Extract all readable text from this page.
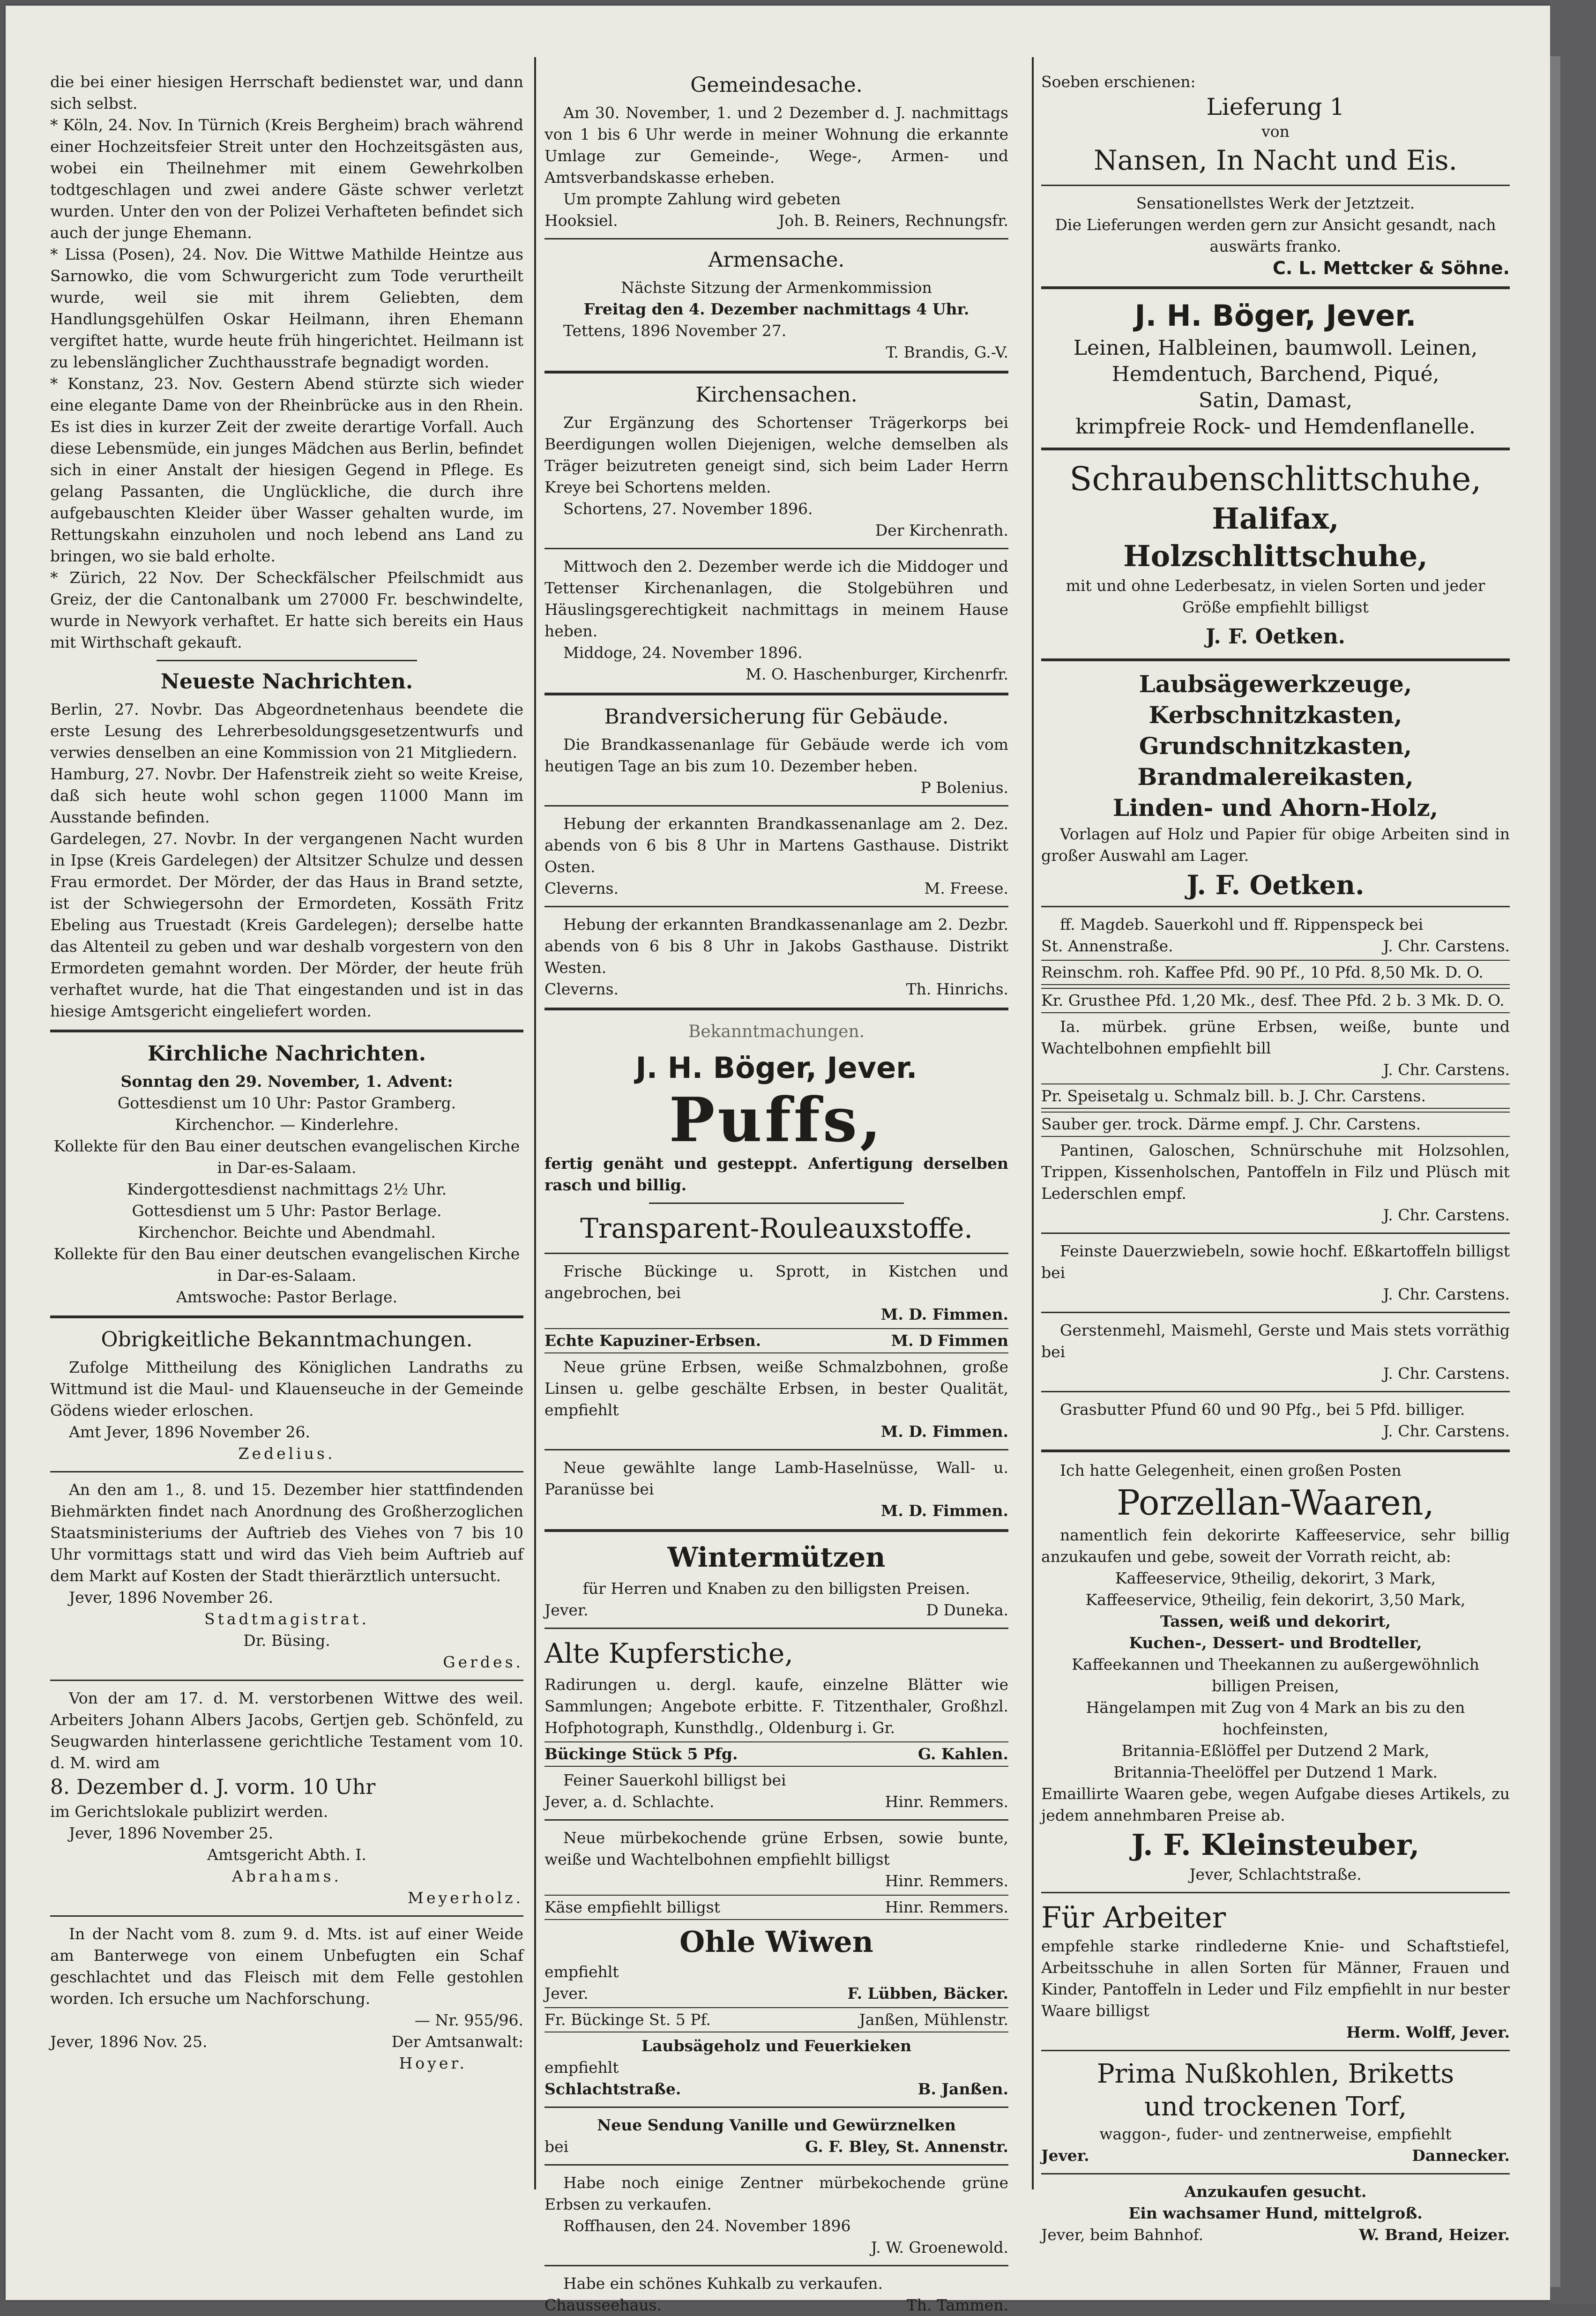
die bei einer hiesigen Herrschaft bedienstet war, und dann sich selbst.

* Köln, 24. Nov. In Türnich (Kreis Bergheim) brach während einer Hochzeitsfeier Streit unter den Hochzeitsgästen aus, wobei ein Theilnehmer mit einem Gewehrkolben todtgeschlagen und zwei andere Gäste schwer verletzt wurden. Unter den von der Polizei Verhafteten befindet sich auch der junge Ehemann.

* Lissa (Posen), 24. Nov. Die Wittwe Mathilde Heintze aus Sarnowko, die vom Schwurgericht zum Tode verurtheilt wurde, weil sie mit ihrem Geliebten, dem Handlungsgehülfen Oskar Heilmann, ihren Ehemann vergiftet hatte, wurde heute früh hingerichtet. Heilmann ist zu lebenslänglicher Zuchthausstrafe begnadigt worden.

* Konstanz, 23. Nov. Gestern Abend stürzte sich wieder eine elegante Dame von der Rheinbrücke aus in den Rhein. Es ist dies in kurzer Zeit der zweite derartige Vorfall. Auch diese Lebensmüde, ein junges Mädchen aus Berlin, befindet sich in einer Anstalt der hiesigen Gegend in Pflege. Es gelang Passanten, die Unglückliche, die durch ihre aufgebauschten Kleider über Wasser gehalten wurde, im Rettungskahn einzuholen und noch lebend ans Land zu bringen, wo sie bald erholte.

* Zürich, 22 Nov. Der Scheckfälscher Pfeilschmidt aus Greiz, der die Cantonalbank um 27000 Fr. beschwindelte, wurde in Newyork verhaftet. Er hatte sich bereits ein Haus mit Wirthschaft gekauft.

Neueste Nachrichten.

Berlin, 27. Novbr. Das Abgeordnetenhaus beendete die erste Lesung des Lehrerbesoldungsgesetzentwurfs und verwies denselben an eine Kommission von 21 Mitgliedern.

Hamburg, 27. Novbr. Der Hafenstreik zieht so weite Kreise, daß sich heute wohl schon gegen 11000 Mann im Ausstande befinden.

Gardelegen, 27. Novbr. In der vergangenen Nacht wurden in Ipse (Kreis Gardelegen) der Altsitzer Schulze und dessen Frau ermordet. Der Mörder, der das Haus in Brand setzte, ist der Schwiegersohn der Ermordeten, Kossäth Fritz Ebeling aus Truestadt (Kreis Gardelegen); derselbe hatte das Altenteil zu geben und war deshalb vorgestern von den Ermordeten gemahnt worden. Der Mörder, der heute früh verhaftet wurde, hat die That eingestanden und ist in das hiesige Amtsgericht eingeliefert worden.

Kirchliche Nachrichten.

Sonntag den 29. November, 1. Advent:

Gottesdienst um 10 Uhr: Pastor Gramberg.

Kirchenchor. — Kinderlehre.

Kollekte für den Bau einer deutschen evangelischen Kirche in Dar-es-Salaam.

Kindergottesdienst nachmittags 2½ Uhr.

Gottesdienst um 5 Uhr: Pastor Berlage.

Kirchenchor. Beichte und Abendmahl.

Kollekte für den Bau einer deutschen evangelischen Kirche in Dar-es-Salaam.

Amtswoche: Pastor Berlage.

Obrigkeitliche Bekanntmachungen.

Zufolge Mittheilung des Königlichen Landraths zu Wittmund ist die Maul- und Klauenseuche in der Gemeinde Gödens wieder erloschen.

Amt Jever, 1896 November 26.

Zedelius.

An den am 1., 8. und 15. Dezember hier stattfindenden Biehmärkten findet nach Anordnung des Großherzoglichen Staatsministeriums der Auftrieb des Viehes von 7 bis 10 Uhr vormittags statt und wird das Vieh beim Auftrieb auf dem Markt auf Kosten der Stadt thierärztlich untersucht.

Jever, 1896 November 26.

Stadtmagistrat.

Dr. Büsing.

Gerdes.

Von der am 17. d. M. verstorbenen Wittwe des weil. Arbeiters Johann Albers Jacobs, Gertjen geb. Schönfeld, zu Seugwarden hinterlassene gerichtliche Testament vom 10. d. M. wird am

8. Dezember d. J. vorm. 10 Uhr

im Gerichtslokale publizirt werden.

Jever, 1896 November 25.

Amtsgericht Abth. I.

Abrahams.

Meyerholz.

In der Nacht vom 8. zum 9. d. Mts. ist auf einer Weide am Banterwege von einem Unbefugten ein Schaf geschlachtet und das Fleisch mit dem Felle gestohlen worden. Ich ersuche um Nachforschung.

— Nr. 955/96.

Jever, 1896 Nov. 25.	Der Amtsanwalt:

Hoyer.

Gemeindesache.

Am 30. November, 1. und 2 Dezember d. J. nachmittags von 1 bis 6 Uhr werde in meiner Wohnung die erkannte Umlage zur Gemeinde-, Wege-, Armen- und Amtsverbandskasse erheben.

Um prompte Zahlung wird gebeten

Hooksiel.	Joh. B. Reiners, Rechnungsfr.

Armensache.

Nächste Sitzung der Armenkommission

Freitag den 4. Dezember nachmittags 4 Uhr.

Tettens, 1896 November 27.

T. Brandis, G.-V.

Kirchensachen.

Zur Ergänzung des Schortenser Trägerkorps bei Beerdigungen wollen Diejenigen, welche demselben als Träger beizutreten geneigt sind, sich beim Lader Herrn Kreye bei Schortens melden.

Schortens, 27. November 1896.

Der Kirchenrath.

Mittwoch den 2. Dezember werde ich die Middoger und Tettenser Kirchenanlagen, die Stolgebühren und Häuslingsgerechtigkeit nachmittags in meinem Hause heben.

Middoge, 24. November 1896.

M. O. Haschenburger, Kirchenrfr.

Brandversicherung für Gebäude.

Die Brandkassenanlage für Gebäude werde ich vom heutigen Tage an bis zum 10. Dezember heben.

P Bolenius.

Hebung der erkannten Brandkassenanlage am 2. Dez. abends von 6 bis 8 Uhr in Martens Gasthause. Distrikt Osten.

Cleverns.	M. Freese.

Hebung der erkannten Brandkassenanlage am 2. Dezbr. abends von 6 bis 8 Uhr in Jakobs Gasthause. Distrikt Westen.

Cleverns.	Th. Hinrichs.

Bekanntmachungen.

J. H. Böger, Jever.

Puffs,

fertig genäht und gesteppt. Anfertigung derselben rasch und billig.

Transparent-Rouleauxstoffe.

Frische Bückinge u. Sprott, in Kistchen und angebrochen, bei

M. D. Fimmen.

Echte Kapuziner-Erbsen.	M. D Fimmen

Neue grüne Erbsen, weiße Schmalzbohnen, große Linsen u. gelbe geschälte Erbsen, in bester Qualität, empfiehlt

M. D. Fimmen.

Neue gewählte lange Lamb-Haselnüsse, Wall- u. Paranüsse bei

M. D. Fimmen.

Wintermützen

für Herren und Knaben zu den billigsten Preisen.

Jever.	D Duneka.

Alte Kupferstiche,

Radirungen u. dergl. kaufe, einzelne Blätter wie Sammlungen; Angebote erbitte. F. Titzenthaler, Großhzl. Hofphotograph, Kunsthdlg., Oldenburg i. Gr.

Bückinge Stück 5 Pfg.	G. Kahlen.

Feiner Sauerkohl billigst bei

Jever, a. d. Schlachte.	Hinr. Remmers.

Neue mürbekochende grüne Erbsen, sowie bunte, weiße und Wachtelbohnen empfiehlt billigst

Hinr. Remmers.

Käse empfiehlt billigst	Hinr. Remmers.

Ohle Wiwen

empfiehlt

Jever.	F. Lübben, Bäcker.
Fr. Bückinge St. 5 Pf.	Janßen, Mühlenstr.

Laubsägeholz und Feuerkieken

empfiehlt

Schlachtstraße.	B. Janßen.

Neue Sendung Vanille und Gewürznelken

bei	G. F. Bley, St. Annenstr.

Habe noch einige Zentner mürbekochende grüne Erbsen zu verkaufen.

Roffhausen, den 24. November 1896

J. W. Groenewold.

Habe ein schönes Kuhkalb zu verkaufen.

Chausseehaus.	Th. Tammen.

Soeben erschienen:

Lieferung 1

von

Nansen, In Nacht und Eis.

Sensationellstes Werk der Jetztzeit.

Die Lieferungen werden gern zur Ansicht gesandt, nach auswärts franko.

C. L. Mettcker & Söhne.

J. H. Böger, Jever.

Leinen, Halbleinen, baumwoll. Leinen,

Hemdentuch, Barchend, Piqué,

Satin, Damast,

krimpfreie Rock- und Hemdenflanelle.

Schraubenschlittschuhe,

Halifax,

Holzschlittschuhe,

mit und ohne Lederbesatz, in vielen Sorten und jeder Größe empfiehlt billigst

J. F. Oetken.

Laubsägewerkzeuge,

Kerbschnitzkasten,

Grundschnitzkasten,

Brandmalereikasten,

Linden- und Ahorn-Holz,

Vorlagen auf Holz und Papier für obige Arbeiten sind in großer Auswahl am Lager.

J. F. Oetken.

ff. Magdeb. Sauerkohl und ff. Rippenspeck bei

St. Annenstraße.	J. Chr. Carstens.

Reinschm. roh. Kaffee Pfd. 90 Pf., 10 Pfd. 8,50 Mk. D. O.

Kr. Grusthee Pfd. 1,20 Mk., desf. Thee Pfd. 2 b. 3 Mk. D. O.

Ia. mürbek. grüne Erbsen, weiße, bunte und Wachtelbohnen empfiehlt bill

J. Chr. Carstens.

Pr. Speisetalg u. Schmalz bill. b. J. Chr. Carstens.

Sauber ger. trock. Därme empf. J. Chr. Carstens.

Pantinen, Galoschen, Schnürschuhe mit Holzsohlen, Trippen, Kissenholschen, Pantoffeln in Filz und Plüsch mit Lederschlen empf.

J. Chr. Carstens.

Feinste Dauerzwiebeln, sowie hochf. Eßkartoffeln billigst bei

J. Chr. Carstens.

Gerstenmehl, Maismehl, Gerste und Mais stets vorräthig bei

J. Chr. Carstens.

Grasbutter Pfund 60 und 90 Pfg., bei 5 Pfd. billiger.

J. Chr. Carstens.

Ich hatte Gelegenheit, einen großen Posten

Porzellan-Waaren,

namentlich fein dekorirte Kaffeeservice, sehr billig anzukaufen und gebe, soweit der Vorrath reicht, ab:

Kaffeeservice, 9theilig, dekorirt, 3 Mark,

Kaffeeservice, 9theilig, fein dekorirt, 3,50 Mark,

Tassen, weiß und dekorirt,

Kuchen-, Dessert- und Brodteller,

Kaffeekannen und Theekannen zu außergewöhnlich billigen Preisen,

Hängelampen mit Zug von 4 Mark an bis zu den hochfeinsten,

Britannia-Eßlöffel per Dutzend 2 Mark,

Britannia-Theelöffel per Dutzend 1 Mark.

Emaillirte Waaren gebe, wegen Aufgabe dieses Artikels, zu jedem annehmbaren Preise ab.

J. F. Kleinsteuber,

Jever, Schlachtstraße.

Für Arbeiter

empfehle starke rindlederne Knie- und Schaftstiefel, Arbeitsschuhe in allen Sorten für Männer, Frauen und Kinder, Pantoffeln in Leder und Filz empfiehlt in nur bester Waare billigst

Herm. Wolff, Jever.

Prima Nußkohlen, Briketts

und trockenen Torf,

waggon-, fuder- und zentnerweise, empfiehlt

Jever.	Dannecker.

Anzukaufen gesucht.

Ein wachsamer Hund, mittelgroß.

Jever, beim Bahnhof.	W. Brand, Heizer.
